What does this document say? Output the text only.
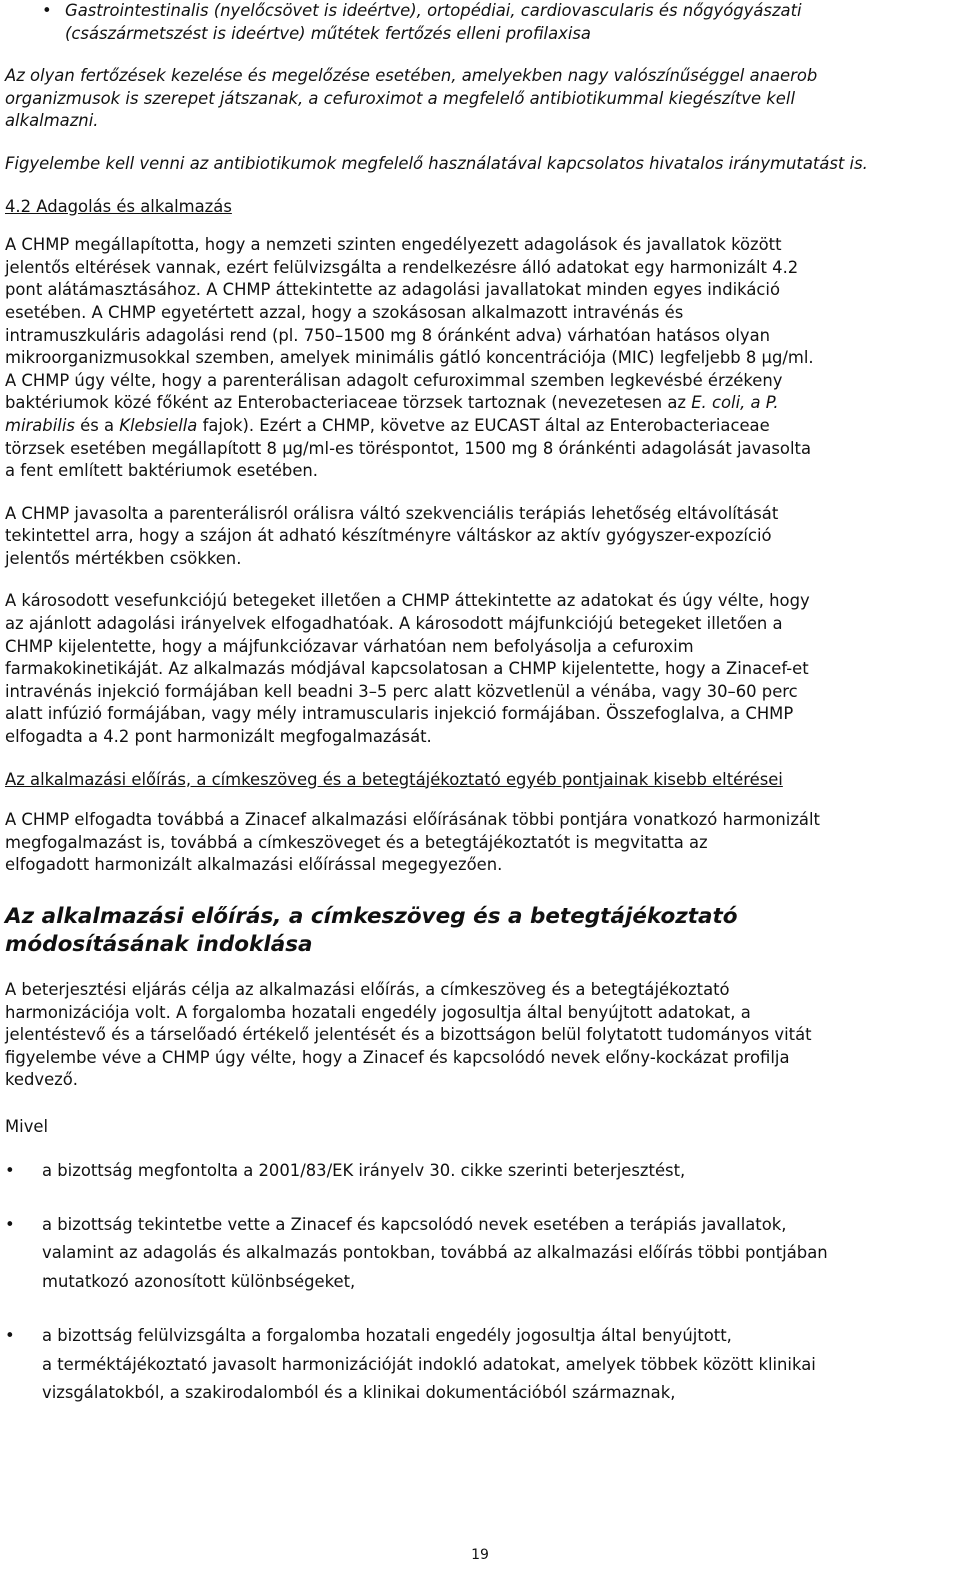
• Gastrointestinalis (nyelőcsövet is ideértve), ortopédiai, cardiovascularis és nőgyógyászati
(császármetszést is ideértve) műtétek fertőzés elleni profilaxisa
Az olyan fertőzések kezelése és megelőzése esetében, amelyekben nagy valószínűséggel anaerob
organizmusok is szerepet játszanak, a cefuroximot a megfelelő antibiotikummal kiegészítve kell
alkalmazni.
Figyelembe kell venni az antibiotikumok megfelelő használatával kapcsolatos hivatalos iránymutatást is.
4.2 Adagolás és alkalmazás
A CHMP megállapította, hogy a nemzeti szinten engedélyezett adagolások és javallatok között
jelentős eltérések vannak, ezért felülvizsgálta a rendelkezésre álló adatokat egy harmonizált 4.2
pont alátámasztásához. A CHMP áttekintette az adagolási javallatokat minden egyes indikáció
esetében. A CHMP egyetértett azzal, hogy a szokásosan alkalmazott intravénás és
intramuszkuláris adagolási rend (pl. 750–1500 mg 8 óránként adva) várhatóan hatásos olyan
mikroorganizmusokkal szemben, amelyek minimális gátló koncentrációja (MIC) legfeljebb 8 µg/ml.
A CHMP úgy vélte, hogy a parenterálisan adagolt cefuroximmal szemben legkevésbé érzékeny
baktériumok közé főként az Enterobacteriaceae törzsek tartoznak (nevezetesen az E. coli, a P.
mirabilis és a Klebsiella fajok). Ezért a CHMP, követve az EUCAST által az Enterobacteriaceae
törzsek esetében megállapított 8 µg/ml-es töréspontot, 1500 mg 8 óránkénti adagolását javasolta
a fent említett baktériumok esetében.
A CHMP javasolta a parenterálisról orálisra váltó szekvenciális terápiás lehetőség eltávolítását
tekintettel arra, hogy a szájon át adható készítményre váltáskor az aktív gyógyszer-expozíció
jelentős mértékben csökken.
A károsodott vesefunkciójú betegeket illetően a CHMP áttekintette az adatokat és úgy vélte, hogy
az ajánlott adagolási irányelvek elfogadhatóak. A károsodott májfunkciójú betegeket illetően a
CHMP kijelentette, hogy a májfunkciózavar várhatóan nem befolyásolja a cefuroxim
farmakokinetikáját. Az alkalmazás módjával kapcsolatosan a CHMP kijelentette, hogy a Zinacef-et
intravénás injekció formájában kell beadni 3–5 perc alatt közvetlenül a vénába, vagy 30–60 perc
alatt infúzió formájában, vagy mély intramuscularis injekció formájában. Összefoglalva, a CHMP
elfogadta a 4.2 pont harmonizált megfogalmazását.
Az alkalmazási előírás, a címkeszöveg és a betegtájékoztató egyéb pontjainak kisebb eltérései
A CHMP elfogadta továbbá a Zinacef alkalmazási előírásának többi pontjára vonatkozó harmonizált
megfogalmazást is, továbbá a címkeszöveget és a betegtájékoztatót is megvitatta az
elfogadott harmonizált alkalmazási előírással megegyezően.
Az alkalmazási előírás, a címkeszöveg és a betegtájékoztató
módosításának indoklása
A beterjesztési eljárás célja az alkalmazási előírás, a címkeszöveg és a betegtájékoztató
harmonizációja volt. A forgalomba hozatali engedély jogosultja által benyújtott adatokat, a
jelentéstevő és a társelőadó értékelő jelentését és a bizottságon belül folytatott tudományos vitát
figyelembe véve a CHMP úgy vélte, hogy a Zinacef és kapcsolódó nevek előny-kockázat profilja
kedvező.
Mivel
• a bizottság megfontolta a 2001/83/EK irányelv 30. cikke szerinti beterjesztést,
• a bizottság tekintetbe vette a Zinacef és kapcsolódó nevek esetében a terápiás javallatok,
valamint az adagolás és alkalmazás pontokban, továbbá az alkalmazási előírás többi pontjában
mutatkozó azonosított különbségeket,
• a bizottság felülvizsgálta a forgalomba hozatali engedély jogosultja által benyújtott,
a terméktájékoztató javasolt harmonizációját indokló adatokat, amelyek többek között klinikai
vizsgálatokból, a szakirodalomból és a klinikai dokumentációból származnak,
19
